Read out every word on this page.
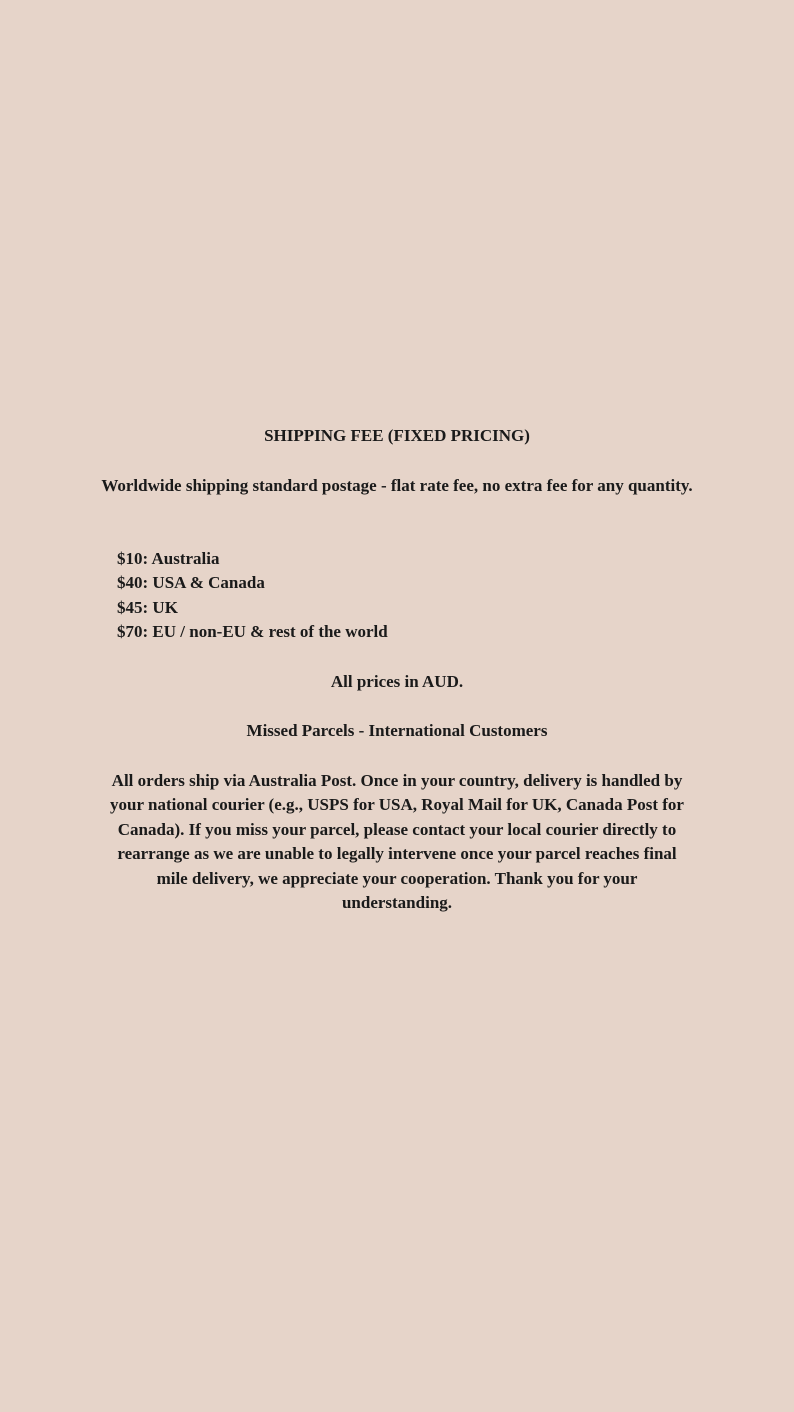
SHIPPING FEE (FIXED PRICING)

Worldwide shipping standard postage - flat rate fee, no extra fee for any quantity.

$10: Australia
$40: USA & Canada
$45: UK
$70: EU / non-EU & rest of the world

All prices in AUD.

Missed Parcels - International Customers

All orders ship via Australia Post. Once in your country, delivery is handled by your national courier (e.g., USPS for USA, Royal Mail for UK, Canada Post for Canada). If you miss your parcel, please contact your local courier directly to rearrange as we are unable to legally intervene once your parcel reaches final mile delivery, we appreciate your cooperation. Thank you for your understanding.
